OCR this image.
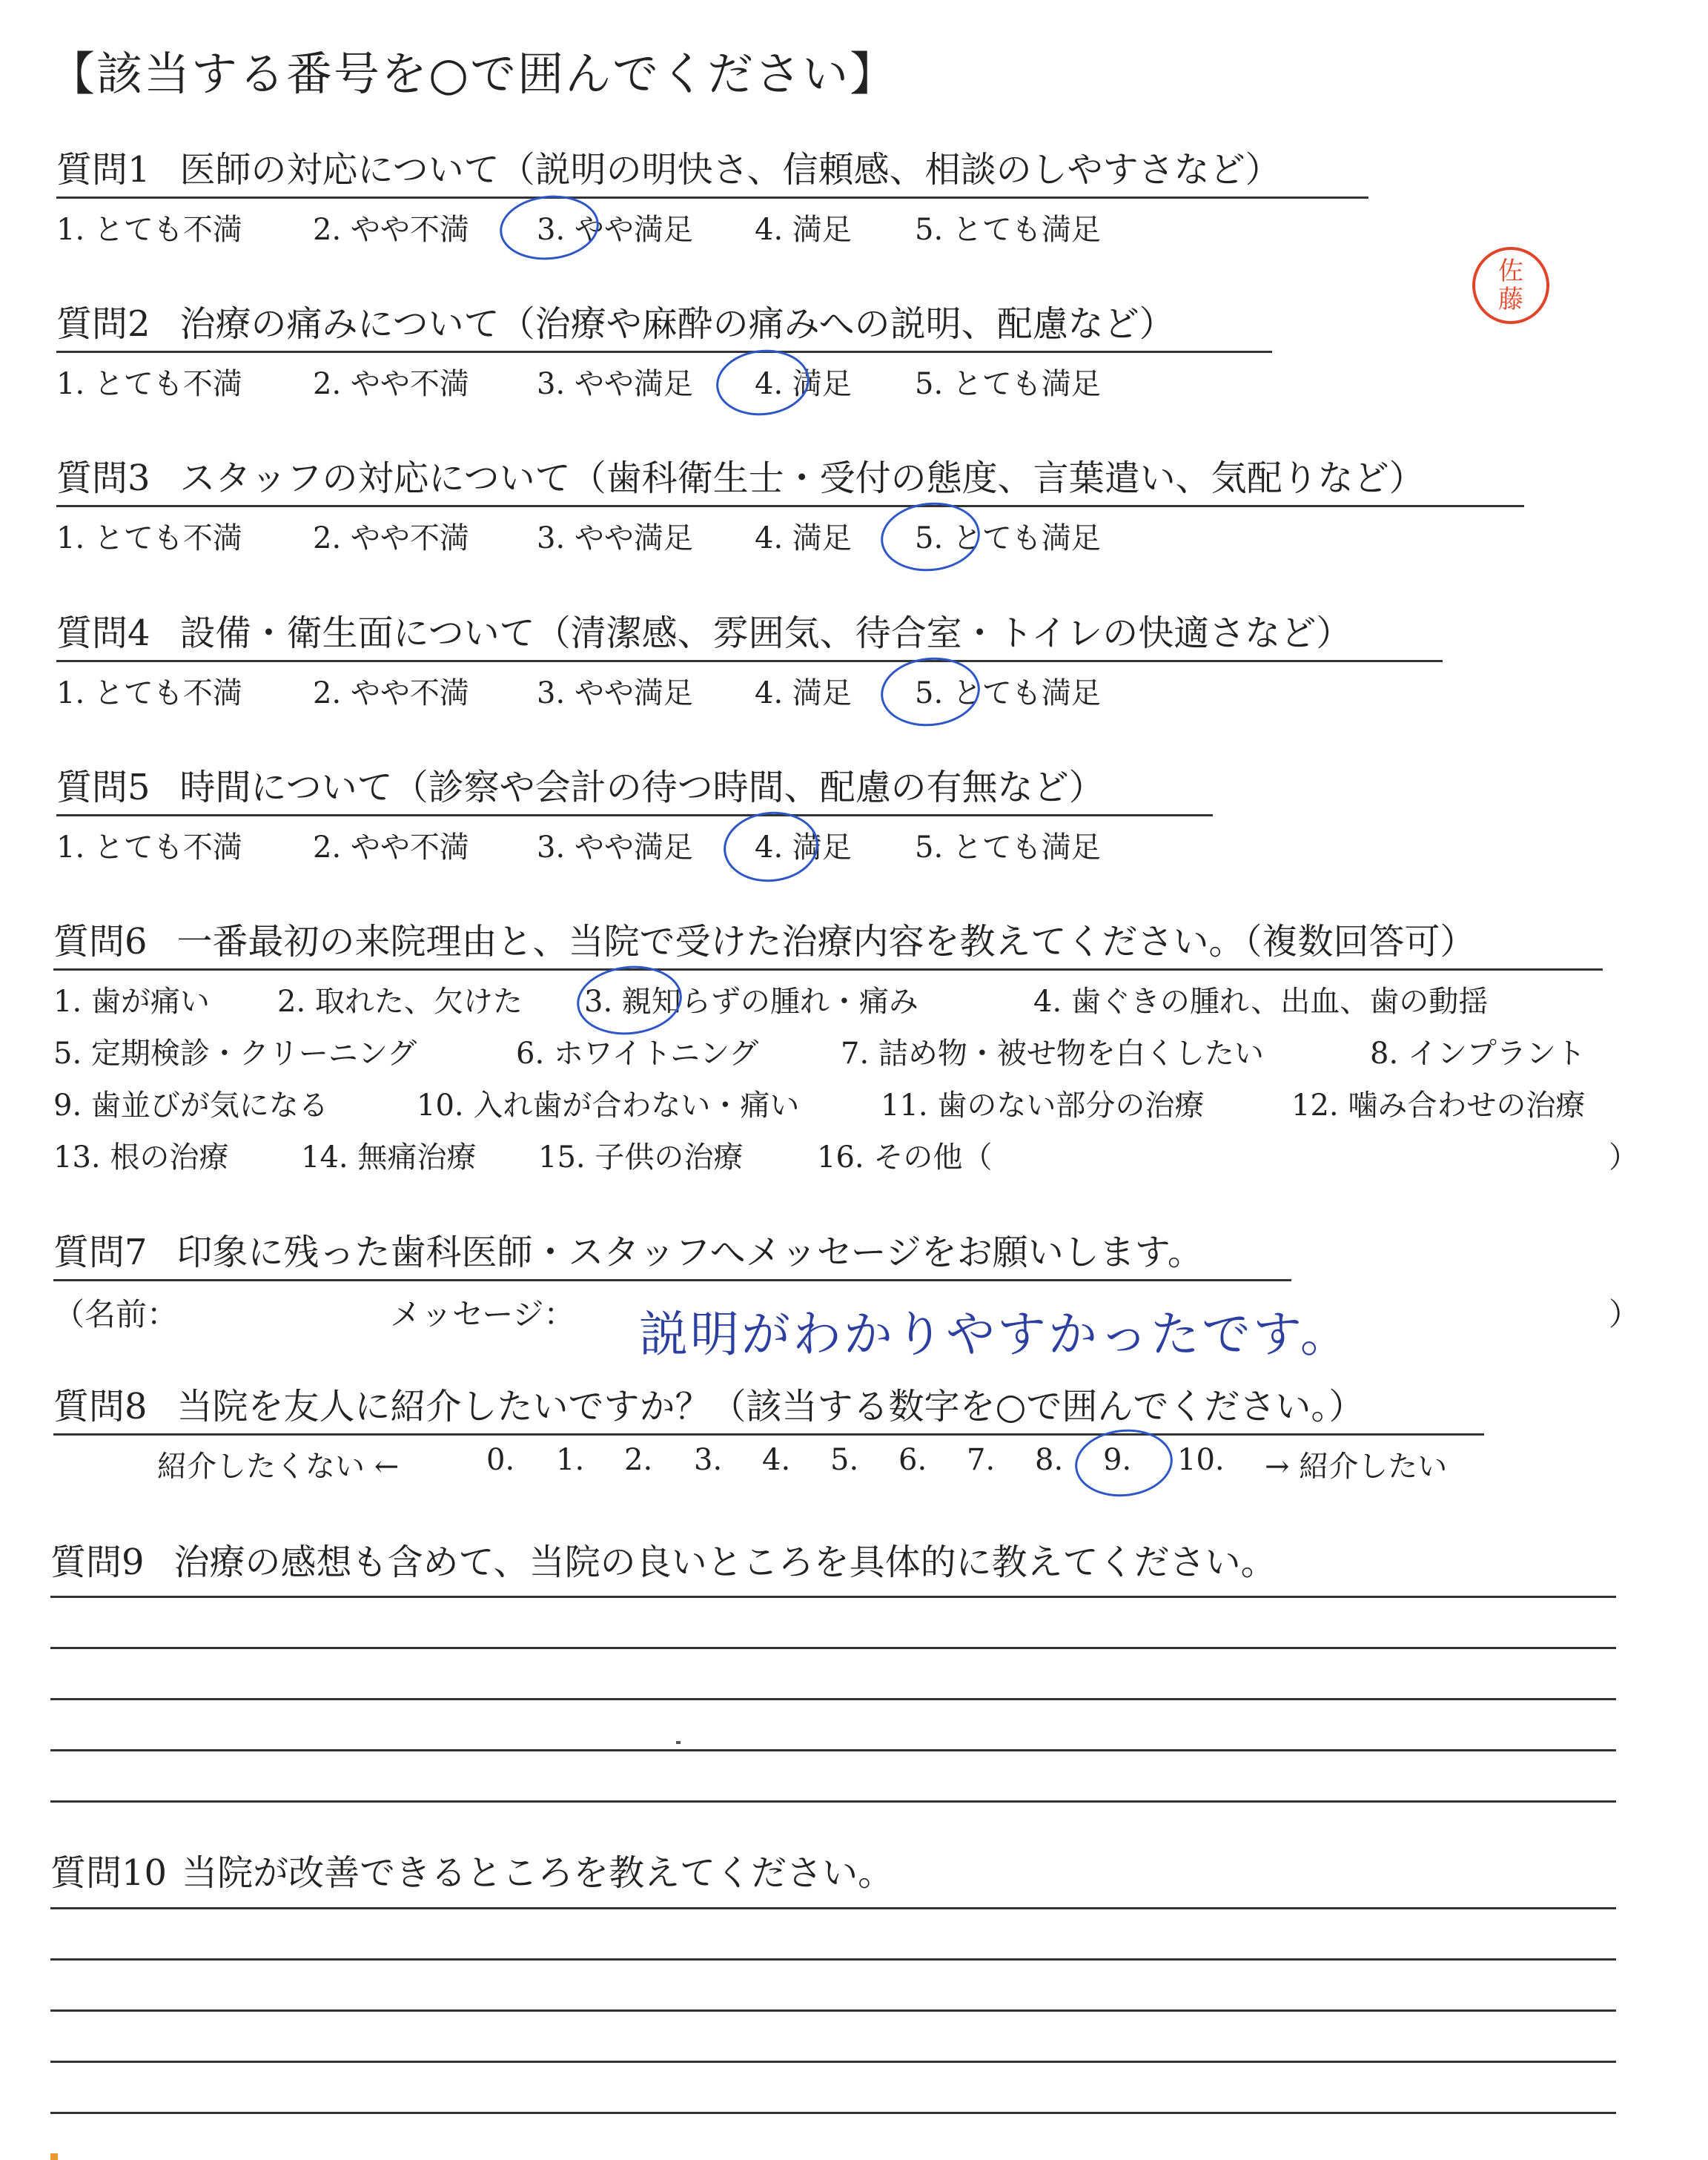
【該当する番号を○で囲んでください】
佐
藤
質問1 医師の対応について（説明の明快さ、信頼感、相談のしやすさなど）
1. とても不満 2. やや不満 3. やや満足 4. 満足 5. とても満足
質問2 治療の痛みについて（治療や麻酔の痛みへの説明、配慮など）
1. とても不満 2. やや不満 3. やや満足 4. 満足 5. とても満足
質問3 スタッフの対応について（歯科衛生士・受付の態度、言葉遣い、気配りなど）
1. とても不満 2. やや不満 3. やや満足 4. 満足 5. とても満足
質問4 設備・衛生面について（清潔感、雰囲気、待合室・トイレの快適さなど）
1. とても不満 2. やや不満 3. やや満足 4. 満足 5. とても満足
質問5 時間について（診察や会計の待つ時間、配慮の有無など）
1. とても不満 2. やや不満 3. やや満足 4. 満足 5. とても満足
質問6 一番最初の来院理由と、当院で受けた治療内容を教えてください。（複数回答可）
1. 歯が痛い 2. 取れた、欠けた 3. 親知らずの腫れ・痛み	4. 歯ぐきの腫れ、出血、歯の動揺
5. 定期検診・クリーニング	6. ホワイトニング	7. 詰め物・被せ物を白くしたい	8. インプラント
9. 歯並びが気になる	10. 入れ歯が合わない・痛い	11. 歯のない部分の治療	12. 噛み合わせの治療
13. 根の治療 14. 無痛治療 15. 子供の治療 16. その他（	）
質問7 印象に残った歯科医師・スタッフへメッセージをお願いします。
（名前：	メッセージ： 説明がわかりやすかったです。	）
質問8 当院を友人に紹介したいですか？（該当する数字を○で囲んでください。）
紹介したくない ←	0. 1. 2. 3. 4. 5. 6. 7. 8. 9. 10. → 紹介したい
質問9 治療の感想も含めて、当院の良いところを具体的に教えてください。
質問10 当院が改善できるところを教えてください。
